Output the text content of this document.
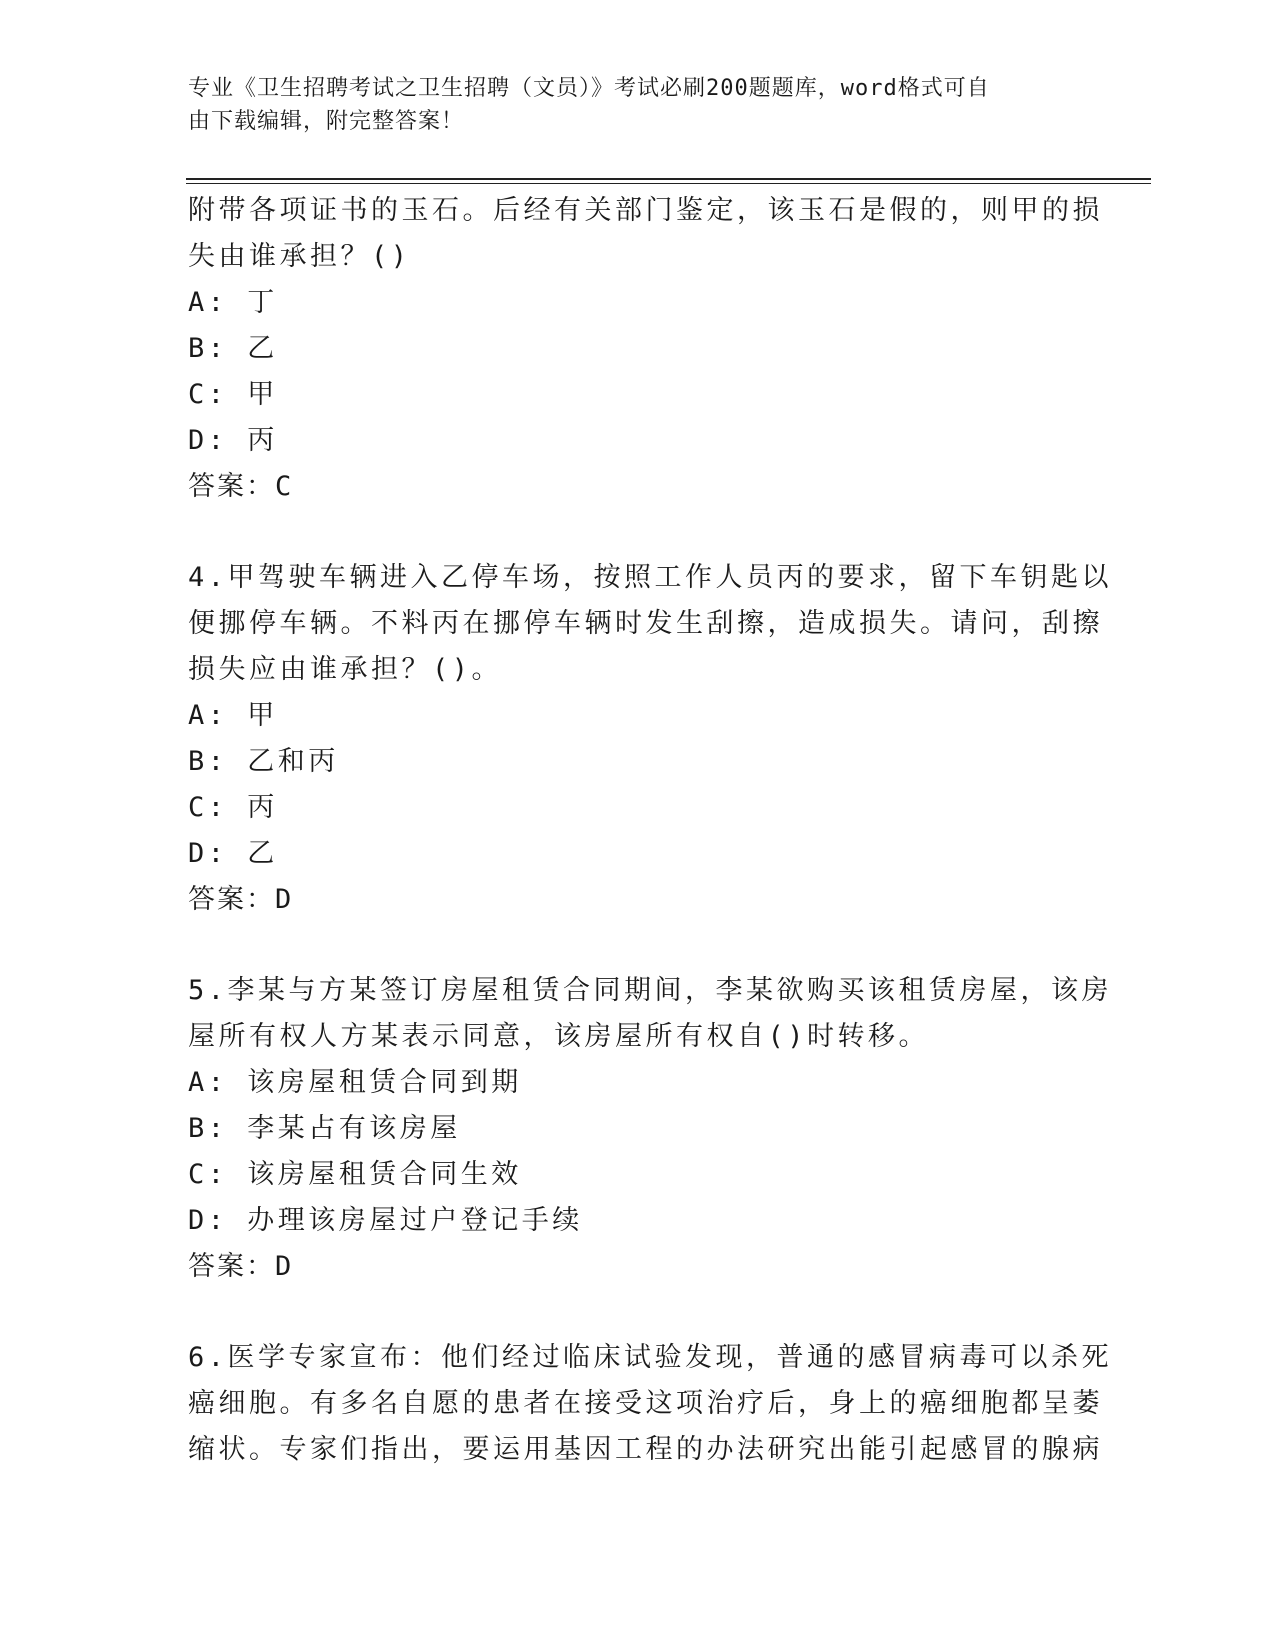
专业《卫生招聘考试之卫生招聘（文员）》考试必刷200题题库，word格式可自
由下载编辑，附完整答案！
附带各项证书的玉石。后经有关部门鉴定，该玉石是假的，则甲的损
失由谁承担？()
A: 丁
B: 乙
C: 甲
D: 丙
答案：C
4.甲驾驶车辆进入乙停车场，按照工作人员丙的要求，留下车钥匙以
便挪停车辆。不料丙在挪停车辆时发生刮擦，造成损失。请问，刮擦
损失应由谁承担？()。
A: 甲
B: 乙和丙
C: 丙
D: 乙
答案：D
5.李某与方某签订房屋租赁合同期间，李某欲购买该租赁房屋，该房
屋所有权人方某表示同意，该房屋所有权自()时转移。
A: 该房屋租赁合同到期
B: 李某占有该房屋
C: 该房屋租赁合同生效
D: 办理该房屋过户登记手续
答案：D
6.医学专家宣布：他们经过临床试验发现，普通的感冒病毒可以杀死
癌细胞。有多名自愿的患者在接受这项治疗后，身上的癌细胞都呈萎
缩状。专家们指出，要运用基因工程的办法研究出能引起感冒的腺病
